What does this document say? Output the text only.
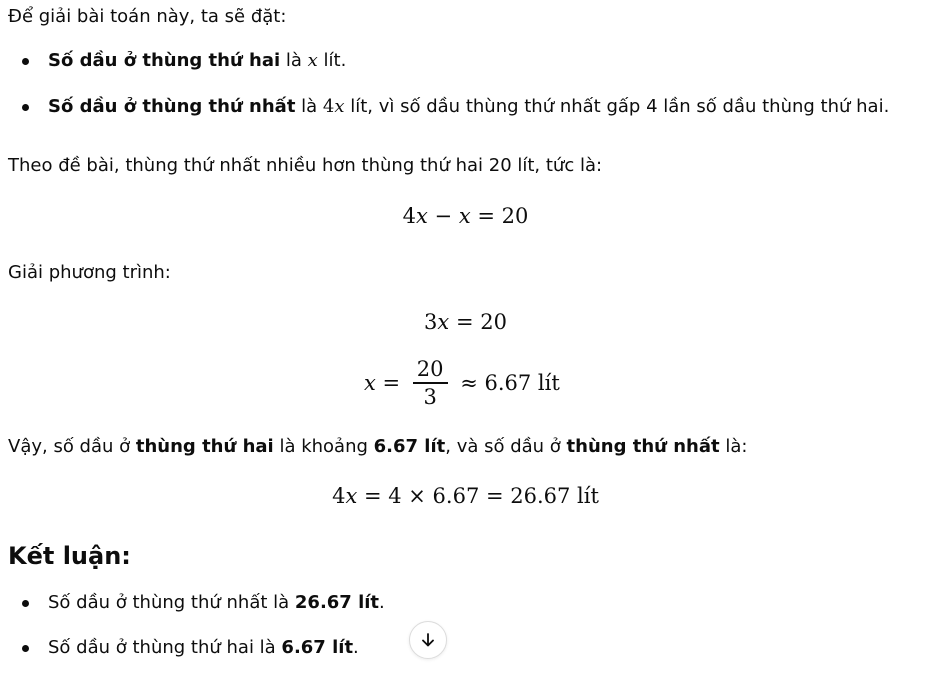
Để giải bài toán này, ta sẽ đặt:
Số dầu ở thùng thứ hai là x lít.
Số dầu ở thùng thứ nhất là 4x lít, vì số dầu thùng thứ nhất gấp 4 lần số dầu thùng thứ hai.
Theo đề bài, thùng thứ nhất nhiều hơn thùng thứ hai 20 lít, tức là:
4x − x = 20
Giải phương trình:
3x = 20
$x = \frac{20}{3} \approx 6.67$ lít
Vậy, số dầu ở thùng thứ hai là khoảng 6.67 lít, và số dầu ở thùng thứ nhất là:
4x = 4 × 6.67 = 26.67 lít
Kết luận:
Số dầu ở thùng thứ nhất là 26.67 lít.
Số dầu ở thùng thứ hai là 6.67 lít.
